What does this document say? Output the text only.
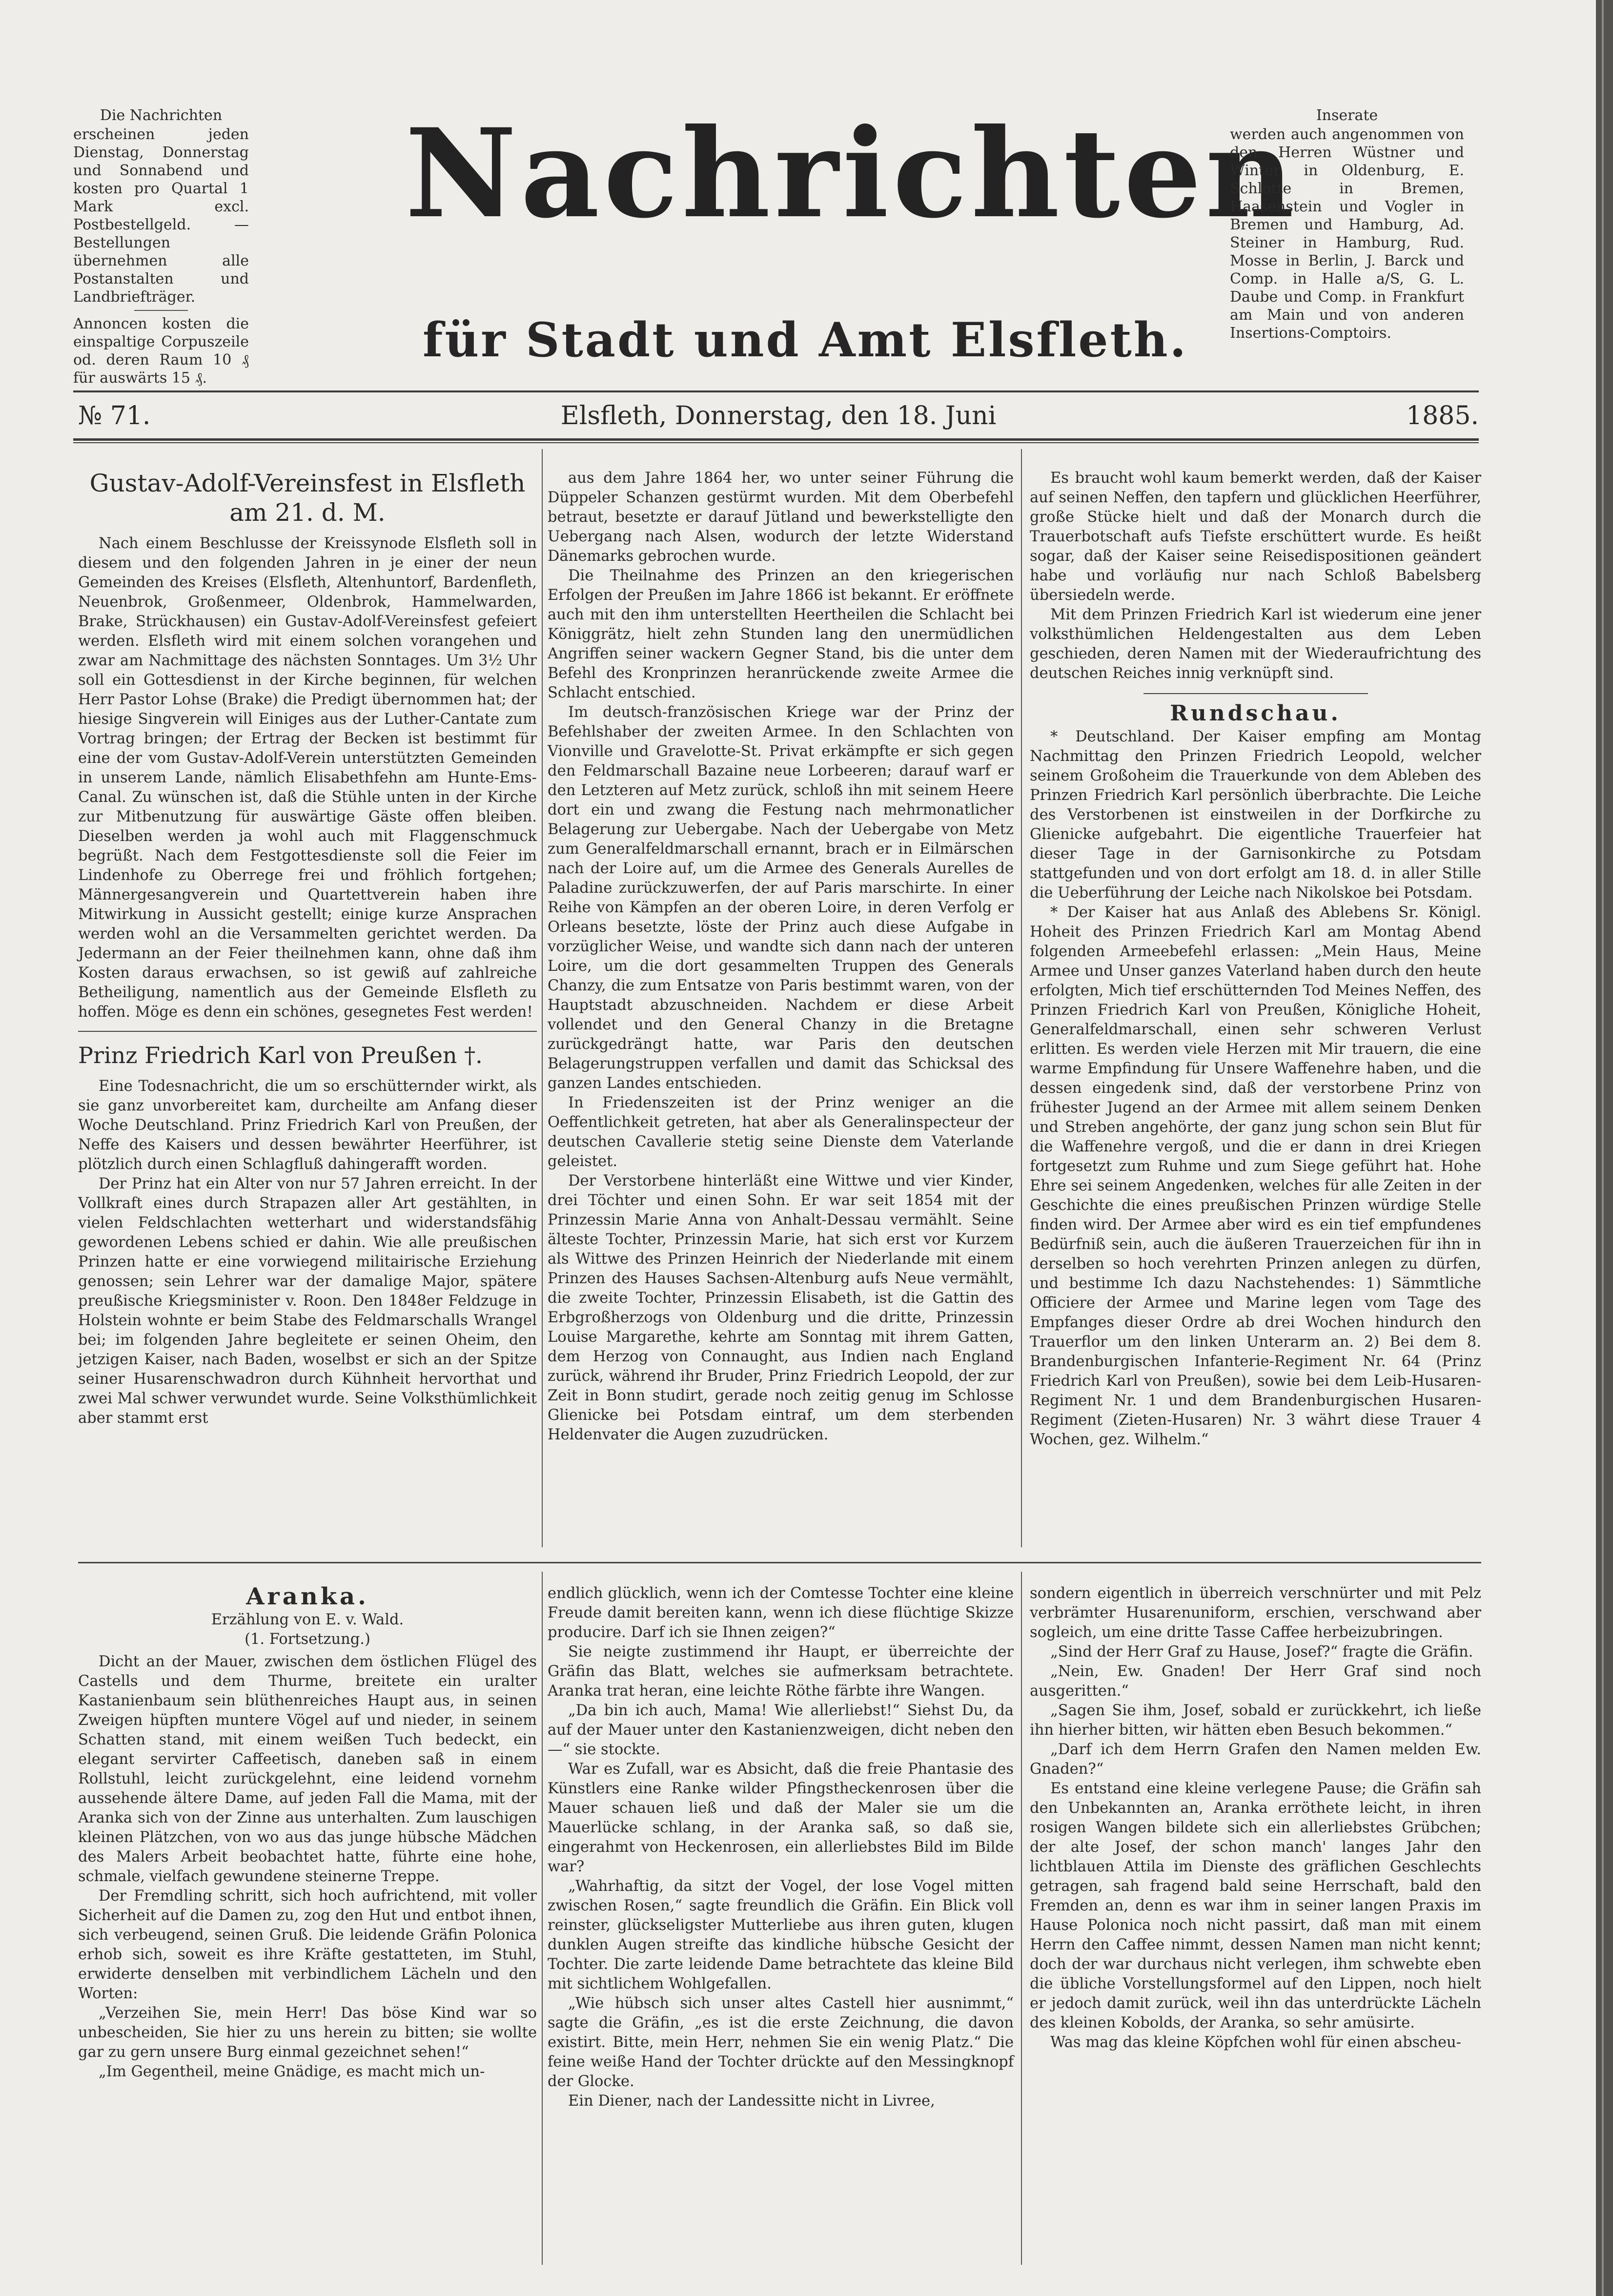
Die Nachrichten
erscheinen jeden Dienstag, Donnerstag und Sonnabend und kosten pro Quartal 1 Mark excl. Postbestellgeld. — Bestellungen übernehmen alle Postanstalten und Landbriefträger.
Annoncen kosten die einspaltige Corpuszeile od. deren Raum 10 ₰ für auswärts 15 ₰.
Nachrichten
für Stadt und Amt Elsfleth.
Inserate
werden auch angenommen von den Herren Wüstner und Winter in Oldenburg, E. Schlotte in Bremen, Haasenstein und Vogler in Bremen und Hamburg, Ad. Steiner in Hamburg, Rud. Mosse in Berlin, J. Barck und Comp. in Halle a/S, G. L. Daube und Comp. in Frankfurt am Main und von anderen Insertions-Comptoirs.
№ 71.	Elsfleth, Donnerstag, den 18. Juni	1885.
Gustav-Adolf-Vereinsfest in Elsfleth am 21. d. M.

Nach einem Beschlusse der Kreissynode Elsfleth soll in diesem und den folgenden Jahren in je einer der neun Gemeinden des Kreises (Elsfleth, Altenhuntorf, Bardenfleth, Neuenbrok, Großenmeer, Oldenbrok, Hammelwarden, Brake, Strückhausen) ein Gustav-Adolf-Vereinsfest gefeiert werden. Elsfleth wird mit einem solchen vorangehen und zwar am Nachmittage des nächsten Sonntages. Um 3½ Uhr soll ein Gottesdienst in der Kirche beginnen, für welchen Herr Pastor Lohse (Brake) die Predigt übernommen hat; der hiesige Singverein will Einiges aus der Luther-Cantate zum Vortrag bringen; der Ertrag der Becken ist bestimmt für eine der vom Gustav-Adolf-Verein unterstützten Gemeinden in unserem Lande, nämlich Elisabethfehn am Hunte-Ems-Canal. Zu wünschen ist, daß die Stühle unten in der Kirche zur Mitbenutzung für auswärtige Gäste offen bleiben. Dieselben werden ja wohl auch mit Flaggenschmuck begrüßt. Nach dem Festgottesdienste soll die Feier im Lindenhofe zu Oberrege frei und fröhlich fortgehen; Männergesangverein und Quartettverein haben ihre Mitwirkung in Aussicht gestellt; einige kurze Ansprachen werden wohl an die Versammelten gerichtet werden. Da Jedermann an der Feier theilnehmen kann, ohne daß ihm Kosten daraus erwachsen, so ist gewiß auf zahlreiche Betheiligung, namentlich aus der Gemeinde Elsfleth zu hoffen. Möge es denn ein schönes, gesegnetes Fest werden!

Prinz Friedrich Karl von Preußen †.

Eine Todesnachricht, die um so erschütternder wirkt, als sie ganz unvorbereitet kam, durcheilte am Anfang dieser Woche Deutschland. Prinz Friedrich Karl von Preußen, der Neffe des Kaisers und dessen bewährter Heerführer, ist plötzlich durch einen Schlagfluß dahingerafft worden.

Der Prinz hat ein Alter von nur 57 Jahren erreicht. In der Vollkraft eines durch Strapazen aller Art gestählten, in vielen Feldschlachten wetterhart und widerstandsfähig gewordenen Lebens schied er dahin. Wie alle preußischen Prinzen hatte er eine vorwiegend militairische Erziehung genossen; sein Lehrer war der damalige Major, spätere preußische Kriegsminister v. Roon. Den 1848er Feldzuge in Holstein wohnte er beim Stabe des Feldmarschalls Wrangel bei; im folgenden Jahre begleitete er seinen Oheim, den jetzigen Kaiser, nach Baden, woselbst er sich an der Spitze seiner Husarenschwadron durch Kühnheit hervorthat und zwei Mal schwer verwundet wurde. Seine Volksthümlichkeit aber stammt erst

aus dem Jahre 1864 her, wo unter seiner Führung die Düppeler Schanzen gestürmt wurden. Mit dem Oberbefehl betraut, besetzte er darauf Jütland und bewerkstelligte den Uebergang nach Alsen, wodurch der letzte Widerstand Dänemarks gebrochen wurde.

Die Theilnahme des Prinzen an den kriegerischen Erfolgen der Preußen im Jahre 1866 ist bekannt. Er eröffnete auch mit den ihm unterstellten Heertheilen die Schlacht bei Königgrätz, hielt zehn Stunden lang den unermüdlichen Angriffen seiner wackern Gegner Stand, bis die unter dem Befehl des Kronprinzen heranrückende zweite Armee die Schlacht entschied.

Im deutsch-französischen Kriege war der Prinz der Befehlshaber der zweiten Armee. In den Schlachten von Vionville und Gravelotte-St. Privat erkämpfte er sich gegen den Feldmarschall Bazaine neue Lorbeeren; darauf warf er den Letzteren auf Metz zurück, schloß ihn mit seinem Heere dort ein und zwang die Festung nach mehrmonatlicher Belagerung zur Uebergabe. Nach der Uebergabe von Metz zum Generalfeldmarschall ernannt, brach er in Eilmärschen nach der Loire auf, um die Armee des Generals Aurelles de Paladine zurückzuwerfen, der auf Paris marschirte. In einer Reihe von Kämpfen an der oberen Loire, in deren Verfolg er Orleans besetzte, löste der Prinz auch diese Aufgabe in vorzüglicher Weise, und wandte sich dann nach der unteren Loire, um die dort gesammelten Truppen des Generals Chanzy, die zum Entsatze von Paris bestimmt waren, von der Hauptstadt abzuschneiden. Nachdem er diese Arbeit vollendet und den General Chanzy in die Bretagne zurückgedrängt hatte, war Paris den deutschen Belagerungstruppen verfallen und damit das Schicksal des ganzen Landes entschieden.

In Friedenszeiten ist der Prinz weniger an die Oeffentlichkeit getreten, hat aber als Generalinspecteur der deutschen Cavallerie stetig seine Dienste dem Vaterlande geleistet.

Der Verstorbene hinterläßt eine Wittwe und vier Kinder, drei Töchter und einen Sohn. Er war seit 1854 mit der Prinzessin Marie Anna von Anhalt-Dessau vermählt. Seine älteste Tochter, Prinzessin Marie, hat sich erst vor Kurzem als Wittwe des Prinzen Heinrich der Niederlande mit einem Prinzen des Hauses Sachsen-Altenburg aufs Neue vermählt, die zweite Tochter, Prinzessin Elisabeth, ist die Gattin des Erbgroßherzogs von Oldenburg und die dritte, Prinzessin Louise Margarethe, kehrte am Sonntag mit ihrem Gatten, dem Herzog von Connaught, aus Indien nach England zurück, während ihr Bruder, Prinz Friedrich Leopold, der zur Zeit in Bonn studirt, gerade noch zeitig genug im Schlosse Glienicke bei Potsdam eintraf, um dem sterbenden Heldenvater die Augen zuzudrücken.

Es braucht wohl kaum bemerkt werden, daß der Kaiser auf seinen Neffen, den tapfern und glücklichen Heerführer, große Stücke hielt und daß der Monarch durch die Trauerbotschaft aufs Tiefste erschüttert wurde. Es heißt sogar, daß der Kaiser seine Reisedispositionen geändert habe und vorläufig nur nach Schloß Babelsberg übersiedeln werde.

Mit dem Prinzen Friedrich Karl ist wiederum eine jener volksthümlichen Heldengestalten aus dem Leben geschieden, deren Namen mit der Wiederaufrichtung des deutschen Reiches innig verknüpft sind.

Rundschau.

* Deutschland. Der Kaiser empfing am Montag Nachmittag den Prinzen Friedrich Leopold, welcher seinem Großoheim die Trauerkunde von dem Ableben des Prinzen Friedrich Karl persönlich überbrachte. Die Leiche des Verstorbenen ist einstweilen in der Dorfkirche zu Glienicke aufgebahrt. Die eigentliche Trauerfeier hat dieser Tage in der Garnisonkirche zu Potsdam stattgefunden und von dort erfolgt am 18. d. in aller Stille die Ueberführung der Leiche nach Nikolskoe bei Potsdam.

* Der Kaiser hat aus Anlaß des Ablebens Sr. Königl. Hoheit des Prinzen Friedrich Karl am Montag Abend folgenden Armeebefehl erlassen: „Mein Haus, Meine Armee und Unser ganzes Vaterland haben durch den heute erfolgten, Mich tief erschütternden Tod Meines Neffen, des Prinzen Friedrich Karl von Preußen, Königliche Hoheit, Generalfeldmarschall, einen sehr schweren Verlust erlitten. Es werden viele Herzen mit Mir trauern, die eine warme Empfindung für Unsere Waffenehre haben, und die dessen eingedenk sind, daß der verstorbene Prinz von frühester Jugend an der Armee mit allem seinem Denken und Streben angehörte, der ganz jung schon sein Blut für die Waffenehre vergoß, und die er dann in drei Kriegen fortgesetzt zum Ruhme und zum Siege geführt hat. Hohe Ehre sei seinem Angedenken, welches für alle Zeiten in der Geschichte die eines preußischen Prinzen würdige Stelle finden wird. Der Armee aber wird es ein tief empfundenes Bedürfniß sein, auch die äußeren Trauerzeichen für ihn in derselben so hoch verehrten Prinzen anlegen zu dürfen, und bestimme Ich dazu Nachstehendes: 1) Sämmtliche Officiere der Armee und Marine legen vom Tage des Empfanges dieser Ordre ab drei Wochen hindurch den Trauerflor um den linken Unterarm an. 2) Bei dem 8. Brandenburgischen Infanterie-Regiment Nr. 64 (Prinz Friedrich Karl von Preußen), sowie bei dem Leib-Husaren-Regiment Nr. 1 und dem Brandenburgischen Husaren-Regiment (Zieten-Husaren) Nr. 3 währt diese Trauer 4 Wochen, gez. Wilhelm.“

Aranka.

Erzählung von E. v. Wald.

(1. Fortsetzung.)

Dicht an der Mauer, zwischen dem östlichen Flügel des Castells und dem Thurme, breitete ein uralter Kastanienbaum sein blüthenreiches Haupt aus, in seinen Zweigen hüpften muntere Vögel auf und nieder, in seinem Schatten stand, mit einem weißen Tuch bedeckt, ein elegant servirter Caffeetisch, daneben saß in einem Rollstuhl, leicht zurückgelehnt, eine leidend vornehm aussehende ältere Dame, auf jeden Fall die Mama, mit der Aranka sich von der Zinne aus unterhalten. Zum lauschigen kleinen Plätzchen, von wo aus das junge hübsche Mädchen des Malers Arbeit beobachtet hatte, führte eine hohe, schmale, vielfach gewundene steinerne Treppe.

Der Fremdling schritt, sich hoch aufrichtend, mit voller Sicherheit auf die Damen zu, zog den Hut und entbot ihnen, sich verbeugend, seinen Gruß. Die leidende Gräfin Polonica erhob sich, soweit es ihre Kräfte gestatteten, im Stuhl, erwiderte denselben mit verbindlichem Lächeln und den Worten:

„Verzeihen Sie, mein Herr! Das böse Kind war so unbescheiden, Sie hier zu uns herein zu bitten; sie wollte gar zu gern unsere Burg einmal gezeichnet sehen!“

„Im Gegentheil, meine Gnädige, es macht mich un-

endlich glücklich, wenn ich der Comtesse Tochter eine kleine Freude damit bereiten kann, wenn ich diese flüchtige Skizze producire. Darf ich sie Ihnen zeigen?“

Sie neigte zustimmend ihr Haupt, er überreichte der Gräfin das Blatt, welches sie aufmerksam betrachtete. Aranka trat heran, eine leichte Röthe färbte ihre Wangen.

„Da bin ich auch, Mama! Wie allerliebst!“ Siehst Du, da auf der Mauer unter den Kastanienzweigen, dicht neben den —“ sie stockte.

War es Zufall, war es Absicht, daß die freie Phantasie des Künstlers eine Ranke wilder Pfingstheckenrosen über die Mauer schauen ließ und daß der Maler sie um die Mauerlücke schlang, in der Aranka saß, so daß sie, eingerahmt von Heckenrosen, ein allerliebstes Bild im Bilde war?

„Wahrhaftig, da sitzt der Vogel, der lose Vogel mitten zwischen Rosen,“ sagte freundlich die Gräfin. Ein Blick voll reinster, glückseligster Mutterliebe aus ihren guten, klugen dunklen Augen streifte das kindliche hübsche Gesicht der Tochter. Die zarte leidende Dame betrachtete das kleine Bild mit sichtlichem Wohlgefallen.

„Wie hübsch sich unser altes Castell hier ausnimmt,“ sagte die Gräfin, „es ist die erste Zeichnung, die davon existirt. Bitte, mein Herr, nehmen Sie ein wenig Platz.“ Die feine weiße Hand der Tochter drückte auf den Messingknopf der Glocke.

Ein Diener, nach der Landessitte nicht in Livree,

sondern eigentlich in überreich verschnürter und mit Pelz verbrämter Husarenuniform, erschien, verschwand aber sogleich, um eine dritte Tasse Caffee herbeizubringen.

„Sind der Herr Graf zu Hause, Josef?“ fragte die Gräfin.

„Nein, Ew. Gnaden! Der Herr Graf sind noch ausgeritten.“

„Sagen Sie ihm, Josef, sobald er zurückkehrt, ich ließe ihn hierher bitten, wir hätten eben Besuch bekommen.“

„Darf ich dem Herrn Grafen den Namen melden Ew. Gnaden?“

Es entstand eine kleine verlegene Pause; die Gräfin sah den Unbekannten an, Aranka erröthete leicht, in ihren rosigen Wangen bildete sich ein allerliebstes Grübchen; der alte Josef, der schon manch' langes Jahr den lichtblauen Attila im Dienste des gräflichen Geschlechts getragen, sah fragend bald seine Herrschaft, bald den Fremden an, denn es war ihm in seiner langen Praxis im Hause Polonica noch nicht passirt, daß man mit einem Herrn den Caffee nimmt, dessen Namen man nicht kennt; doch der war durchaus nicht verlegen, ihm schwebte eben die übliche Vorstellungsformel auf den Lippen, noch hielt er jedoch damit zurück, weil ihn das unterdrückte Lächeln des kleinen Kobolds, der Aranka, so sehr amüsirte.

Was mag das kleine Köpfchen wohl für einen abscheu-
